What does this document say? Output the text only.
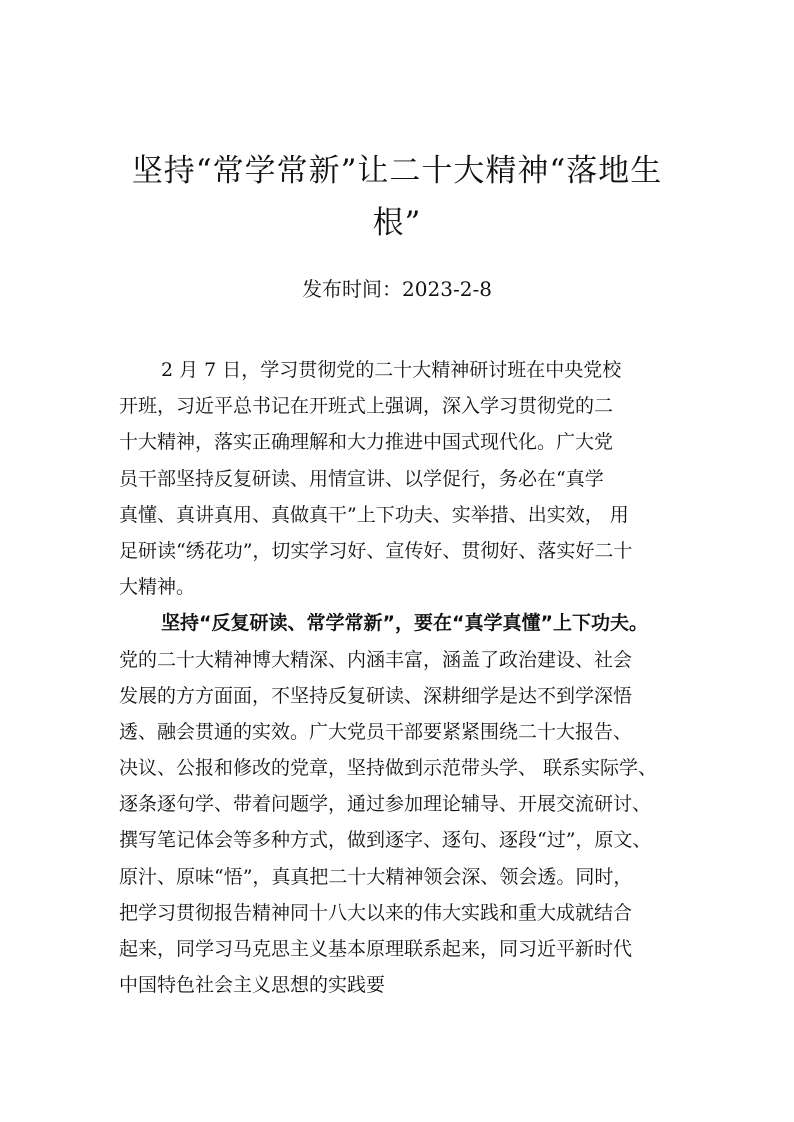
坚持“常学常新”让二十大精神“落地生
根”
发布时间：2023-2-8
2 月 7 日，学习贯彻党的二十大精神研讨班在中央党校
开班，习近平总书记在开班式上强调，深入学习贯彻党的二
十大精神，落实正确理解和大力推进中国式现代化。广大党
员干部坚持反复研读、用情宣讲、以学促行，务必在“真学
真懂、真讲真用、真做真干”上下功夫、实举措、出实效， 用
足研读“绣花功”，切实学习好、宣传好、贯彻好、落实好二十
大精神。
坚持“反复研读、常学常新”，要在“真学真懂”上下功夫。
党的二十大精神博大精深、内涵丰富，涵盖了政治建设、社会
发展的方方面面，不坚持反复研读、深耕细学是达不到学深悟
透、融会贯通的实效。广大党员干部要紧紧围绕二十大报告、
决议、公报和修改的党章，坚持做到示范带头学、 联系实际学、
逐条逐句学、带着问题学，通过参加理论辅导、开展交流研讨、
撰写笔记体会等多种方式，做到逐字、逐句、逐段“过”，原文、
原汁、原味“悟”，真真把二十大精神领会深、领会透。同时，
把学习贯彻报告精神同十八大以来的伟大实践和重大成就结合
起来，同学习马克思主义基本原理联系起来，同习近平新时代
中国特色社会主义思想的实践要
